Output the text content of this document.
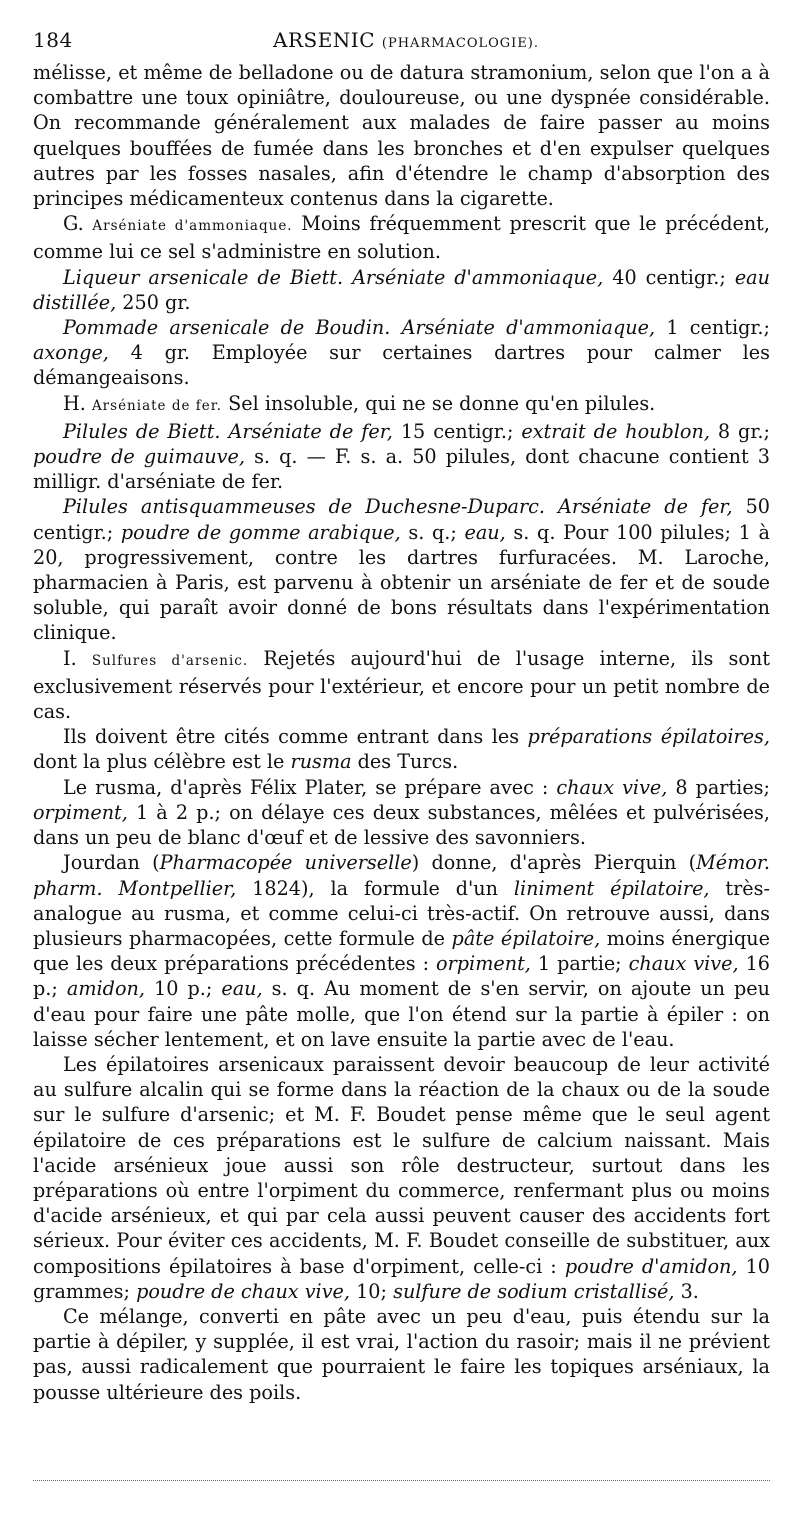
184	ARSENIC (PHARMACOLOGIE).

mélisse, et même de belladone ou de datura stramonium, selon que l'on a à combattre une toux opiniâtre, douloureuse, ou une dyspnée considérable. On recommande généralement aux malades de faire passer au moins quelques bouffées de fumée dans les bronches et d'en expulser quelques autres par les fosses nasales, afin d'étendre le champ d'absorption des principes médicamenteux contenus dans la cigarette.

G. Arséniate d'ammoniaque. Moins fréquemment prescrit que le précédent, comme lui ce sel s'administre en solution.

Liqueur arsenicale de Biett. Arséniate d'ammoniaque, 40 centigr.; eau distillée, 250 gr.

Pommade arsenicale de Boudin. Arséniate d'ammoniaque, 1 centigr.; axonge, 4 gr. Employée sur certaines dartres pour calmer les démangeaisons.

H. Arséniate de fer. Sel insoluble, qui ne se donne qu'en pilules.

Pilules de Biett. Arséniate de fer, 15 centigr.; extrait de houblon, 8 gr.; poudre de guimauve, s. q. — F. s. a. 50 pilules, dont chacune contient 3 milligr. d'arséniate de fer.

Pilules antisquammeuses de Duchesne-Duparc. Arséniate de fer, 50 centigr.; poudre de gomme arabique, s. q.; eau, s. q. Pour 100 pilules; 1 à 20, progressivement, contre les dartres furfuracées. M. Laroche, pharmacien à Paris, est parvenu à obtenir un arséniate de fer et de soude soluble, qui paraît avoir donné de bons résultats dans l'expérimentation clinique.

I. Sulfures d'arsenic. Rejetés aujourd'hui de l'usage interne, ils sont exclusivement réservés pour l'extérieur, et encore pour un petit nombre de cas.

Ils doivent être cités comme entrant dans les préparations épilatoires, dont la plus célèbre est le rusma des Turcs.

Le rusma, d'après Félix Plater, se prépare avec : chaux vive, 8 parties; orpiment, 1 à 2 p.; on délaye ces deux substances, mêlées et pulvérisées, dans un peu de blanc d'œuf et de lessive des savonniers.

Jourdan (Pharmacopée universelle) donne, d'après Pierquin (Mémor. pharm. Montpellier, 1824), la formule d'un liniment épilatoire, très-analogue au rusma, et comme celui-ci très-actif. On retrouve aussi, dans plusieurs pharmacopées, cette formule de pâte épilatoire, moins énergique que les deux préparations précédentes : orpiment, 1 partie; chaux vive, 16 p.; amidon, 10 p.; eau, s. q. Au moment de s'en servir, on ajoute un peu d'eau pour faire une pâte molle, que l'on étend sur la partie à épiler : on laisse sécher lentement, et on lave ensuite la partie avec de l'eau.

Les épilatoires arsenicaux paraissent devoir beaucoup de leur activité au sulfure alcalin qui se forme dans la réaction de la chaux ou de la soude sur le sulfure d'arsenic; et M. F. Boudet pense même que le seul agent épilatoire de ces préparations est le sulfure de calcium naissant. Mais l'acide arsénieux joue aussi son rôle destructeur, surtout dans les préparations où entre l'orpiment du commerce, renfermant plus ou moins d'acide arsénieux, et qui par cela aussi peuvent causer des accidents fort sérieux. Pour éviter ces accidents, M. F. Boudet conseille de substituer, aux compositions épilatoires à base d'orpiment, celle-ci : poudre d'amidon, 10 grammes; poudre de chaux vive, 10; sulfure de sodium cristallisé, 3.

Ce mélange, converti en pâte avec un peu d'eau, puis étendu sur la partie à dépiler, y supplée, il est vrai, l'action du rasoir; mais il ne prévient pas, aussi radicalement que pourraient le faire les topiques arséniaux, la pousse ultérieure des poils.
